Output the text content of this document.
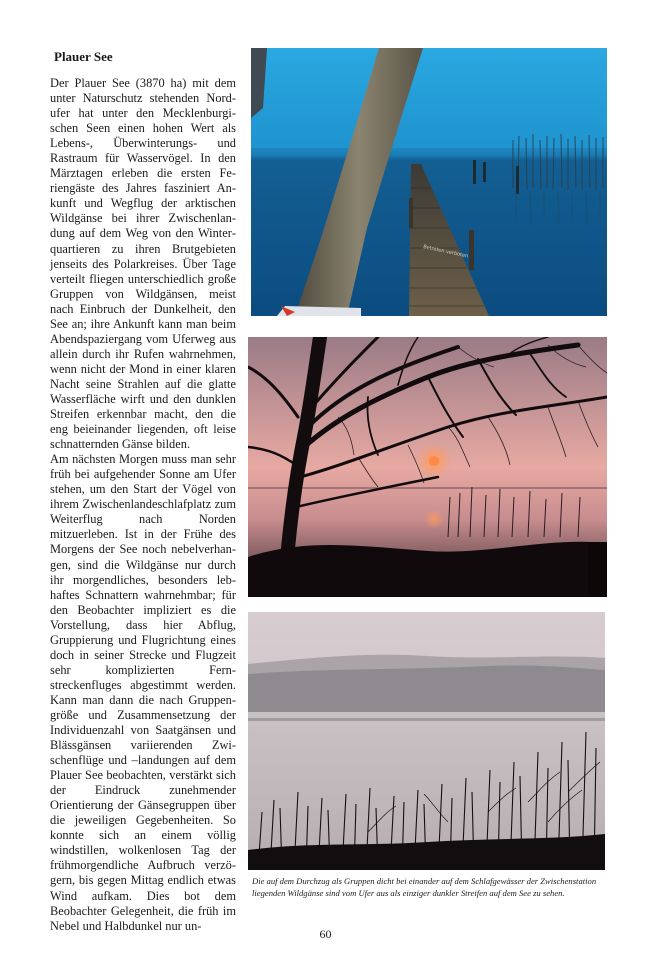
Plauer See

Der Plauer See (3870 ha) mit dem unter Naturschutz stehenden Nordufer hat unter den Mecklenburgischen Seen einen hohen Wert als Lebens-, Überwinterungs- und Rastraum für Wasservögel. In den Märztagen erleben die ersten Feriengäste des Jahres fasziniert Ankunft und Wegflug der arktischen Wildgänse bei ihrer Zwischenlandung auf dem Weg von den Winterquartieren zu ihren Brutgebieten jenseits des Polarkreises. Über Tage verteilt fliegen unterschiedlich große Gruppen von Wildgänsen, meist nach Einbruch der Dunkelheit, den See an; ihre Ankunft kann man beim Abendspaziergang vom Uferweg aus allein durch ihr Rufen wahrnehmen, wenn nicht der Mond in einer klaren Nacht seine Strahlen auf die glatte Wasserfläche wirft und den dunklen Streifen erkennbar macht, den die eng beieinander liegenden, oft leise schnatternden Gänse bilden.

Am nächsten Morgen muss man sehr früh bei aufgehender Sonne am Ufer stehen, um den Start der Vögel von ihrem Zwischenlandeschlafplatz zum Weiterflug nach Norden mitzuerleben. Ist in der Frühe des Morgens der See noch nebelverhangen, sind die Wildgänse nur durch ihr morgendliches, besonders lebhaftes Schnattern wahrnehmbar; für den Beobachter impliziert es die Vorstellung, dass hier Abflug, Gruppierung und Flugrichtung eines doch in seiner Strecke und Flugzeit sehr komplizierten Fernstreckenfluges abgestimmt werden. Kann man dann die nach Gruppengröße und Zusammensetzung der Individuenzahl von Saatgänsen und Blässgänsen variierenden Zwischenflüge und –landungen auf dem Plauer See beobachten, verstärkt sich der Eindruck zunehmender Orientierung der Gänsegruppen über die jeweiligen Gegebenheiten. So konnte sich an einem völlig windstillen, wolkenlosen Tag der frühmorgendliche Aufbruch verzögern, bis gegen Mittag endlich etwas Wind aufkam. Dies bot dem Beobachter Gelegenheit, die früh im Nebel und Halbdunkel nur un-

Betreten verboten
Die auf dem Durchzug als Gruppen dicht bei einander auf dem Schlafgewässer der Zwischenstation liegenden Wildgänse sind vom Ufer aus als einziger dunkler Streifen auf dem See zu sehen.
60
